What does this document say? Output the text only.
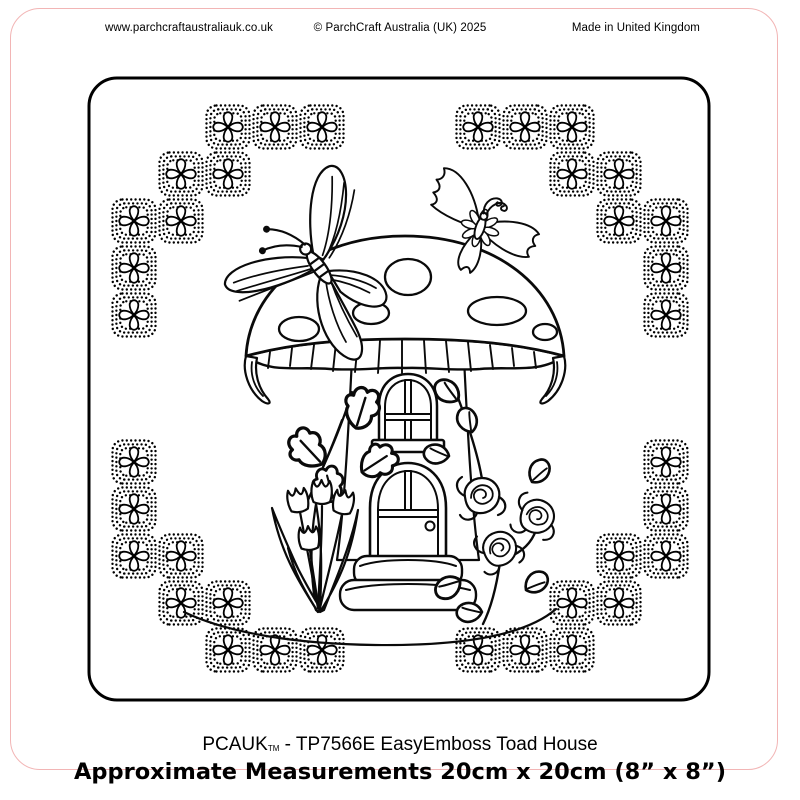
www.parchcraftaustraliauk.co.uk	© ParchCraft Australia (UK) 2025	Made in United Kingdom
PCAUKTM - TP7566E EasyEmboss Toad House
Approximate Measurements 20cm x 20cm (8” x 8”)
